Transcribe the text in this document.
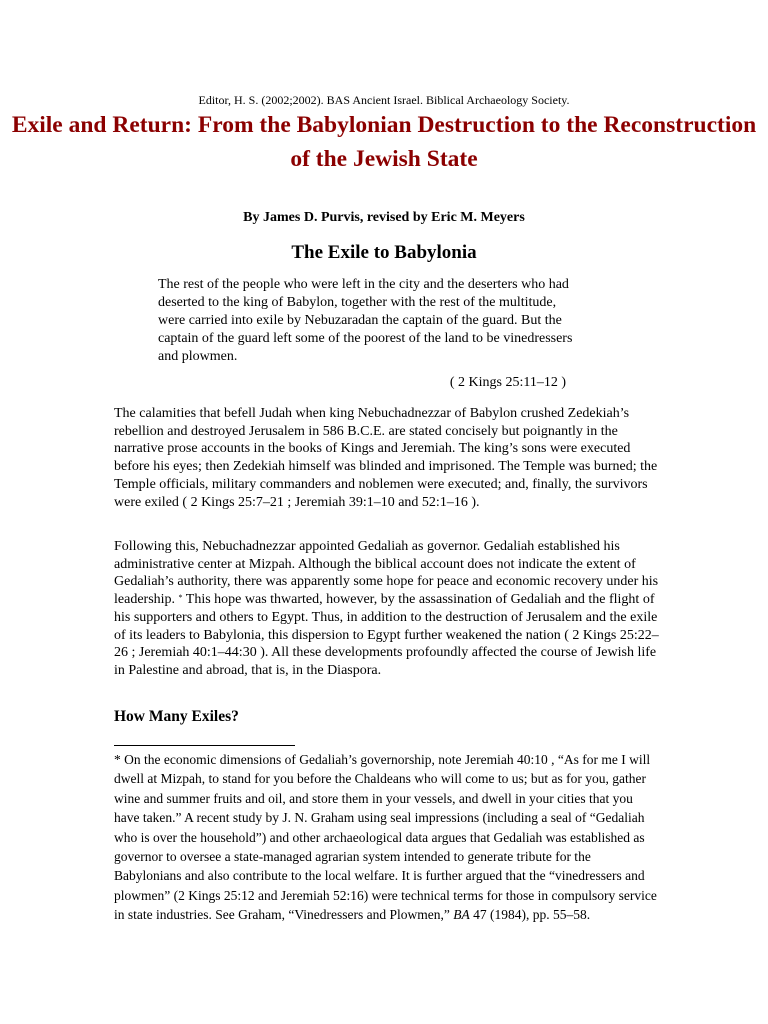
Editor, H. S. (2002;2002). BAS Ancient Israel. Biblical Archaeology Society.
Exile and Return: From the Babylonian Destruction to the Reconstruction of the Jewish State
By James D. Purvis, revised by Eric M. Meyers
The Exile to Babylonia

The rest of the people who were left in the city and the deserters who had deserted to the king of Babylon, together with the rest of the multitude, were carried into exile by Nebuzaradan the captain of the guard. But the captain of the guard left some of the poorest of the land to be vinedressers and plowmen.

( 2 Kings 25:11–12 )

The calamities that befell Judah when king Nebuchadnezzar of Babylon crushed Zedekiah’s rebellion and destroyed Jerusalem in 586 B.C.E. are stated concisely but poignantly in the narrative prose accounts in the books of Kings and Jeremiah. The king’s sons were executed before his eyes; then Zedekiah himself was blinded and imprisoned. The Temple was burned; the Temple officials, military commanders and noblemen were executed; and, finally, the survivors were exiled ( 2 Kings 25:7–21 ; Jeremiah 39:1–10 and 52:1–16 ).

Following this, Nebuchadnezzar appointed Gedaliah as governor. Gedaliah established his administrative center at Mizpah. Although the biblical account does not indicate the extent of Gedaliah’s authority, there was apparently some hope for peace and economic recovery under his leadership. * This hope was thwarted, however, by the assassination of Gedaliah and the flight of his supporters and others to Egypt. Thus, in addition to the destruction of Jerusalem and the exile of its leaders to Babylonia, this dispersion to Egypt further weakened the nation ( 2 Kings 25:22–26 ; Jeremiah 40:1–44:30 ). All these developments profoundly affected the course of Jewish life in Palestine and abroad, that is, in the Diaspora.

How Many Exiles?

* On the economic dimensions of Gedaliah’s governorship, note Jeremiah 40:10 , “As for me I will dwell at Mizpah, to stand for you before the Chaldeans who will come to us; but as for you, gather wine and summer fruits and oil, and store them in your vessels, and dwell in your cities that you have taken.” A recent study by J. N. Graham using seal impressions (including a seal of “Gedaliah who is over the household”) and other archaeological data argues that Gedaliah was established as governor to oversee a state-managed agrarian system intended to generate tribute for the Babylonians and also contribute to the local welfare. It is further argued that the “vinedressers and plowmen” (2 Kings 25:12 and Jeremiah 52:16) were technical terms for those in compulsory service in state industries. See Graham, “Vinedressers and Plowmen,” BA 47 (1984), pp. 55–58.
